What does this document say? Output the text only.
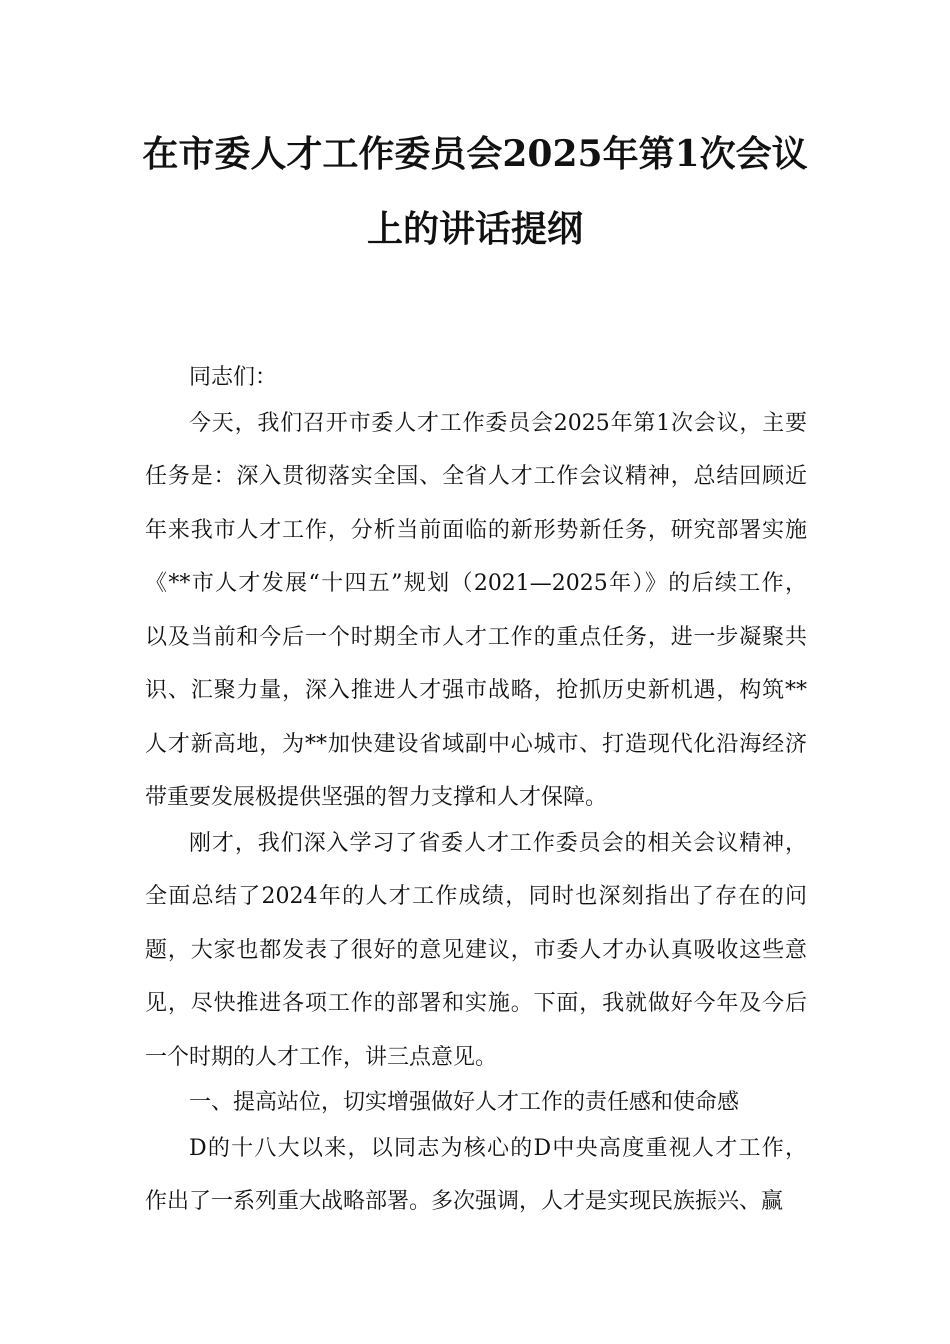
在市委人才工作委员会2025年第1次会议
上的讲话提纲
同志们：
今天，我们召开市委人才工作委员会2025年第1次会议，主要
任务是：深入贯彻落实全国、全省人才工作会议精神，总结回顾近
年来我市人才工作，分析当前面临的新形势新任务，研究部署实施
《**市人才发展“十四五”规划（2021—2025年）》的后续工作，
以及当前和今后一个时期全市人才工作的重点任务，进一步凝聚共
识、汇聚力量，深入推进人才强市战略，抢抓历史新机遇，构筑**
人才新高地，为**加快建设省域副中心城市、打造现代化沿海经济
带重要发展极提供坚强的智力支撑和人才保障。
刚才，我们深入学习了省委人才工作委员会的相关会议精神，
全面总结了2024年的人才工作成绩，同时也深刻指出了存在的问
题，大家也都发表了很好的意见建议，市委人才办认真吸收这些意
见，尽快推进各项工作的部署和实施。下面，我就做好今年及今后
一个时期的人才工作，讲三点意见。
一、提高站位，切实增强做好人才工作的责任感和使命感
D的十八大以来，以同志为核心的D中央高度重视人才工作，
作出了一系列重大战略部署。多次强调，人才是实现民族振兴、赢
